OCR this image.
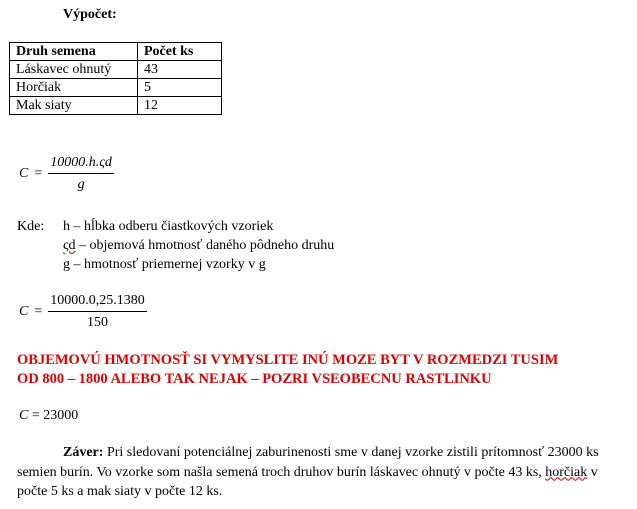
Výpočet:
Druh semena	Počet ks
Láskavec ohnutý	43
Horčiak	5
Mak siaty	12
$C = \frac{10000.h.\varsigma d}{g}$
Kde: h – hĺbka odberu čiastkových vzoriek
ςd – objemová hmotnosť daného pôdneho druhu
g – hmotnosť priemernej vzorky v g
$C = \frac{10000.0,25.1380}{150}$
OBJEMOVÚ HMOTNOSŤ SI VYMYSLITE INÚ MOZE BYT V ROZMEDZI TUSIM
OD 800 – 1800 ALEBO TAK NEJAK – POZRI VSEOBECNU RASTLINKU
C = 23000
Záver: Pri sledovaní potenciálnej zaburinenosti sme v danej vzorke zistili prítomnosť 23000 ks semien burín. Vo vzorke som našla semená troch druhov burín láskavec ohnutý v počte 43 ks, horčiak v počte 5 ks a mak siaty v počte 12 ks.
